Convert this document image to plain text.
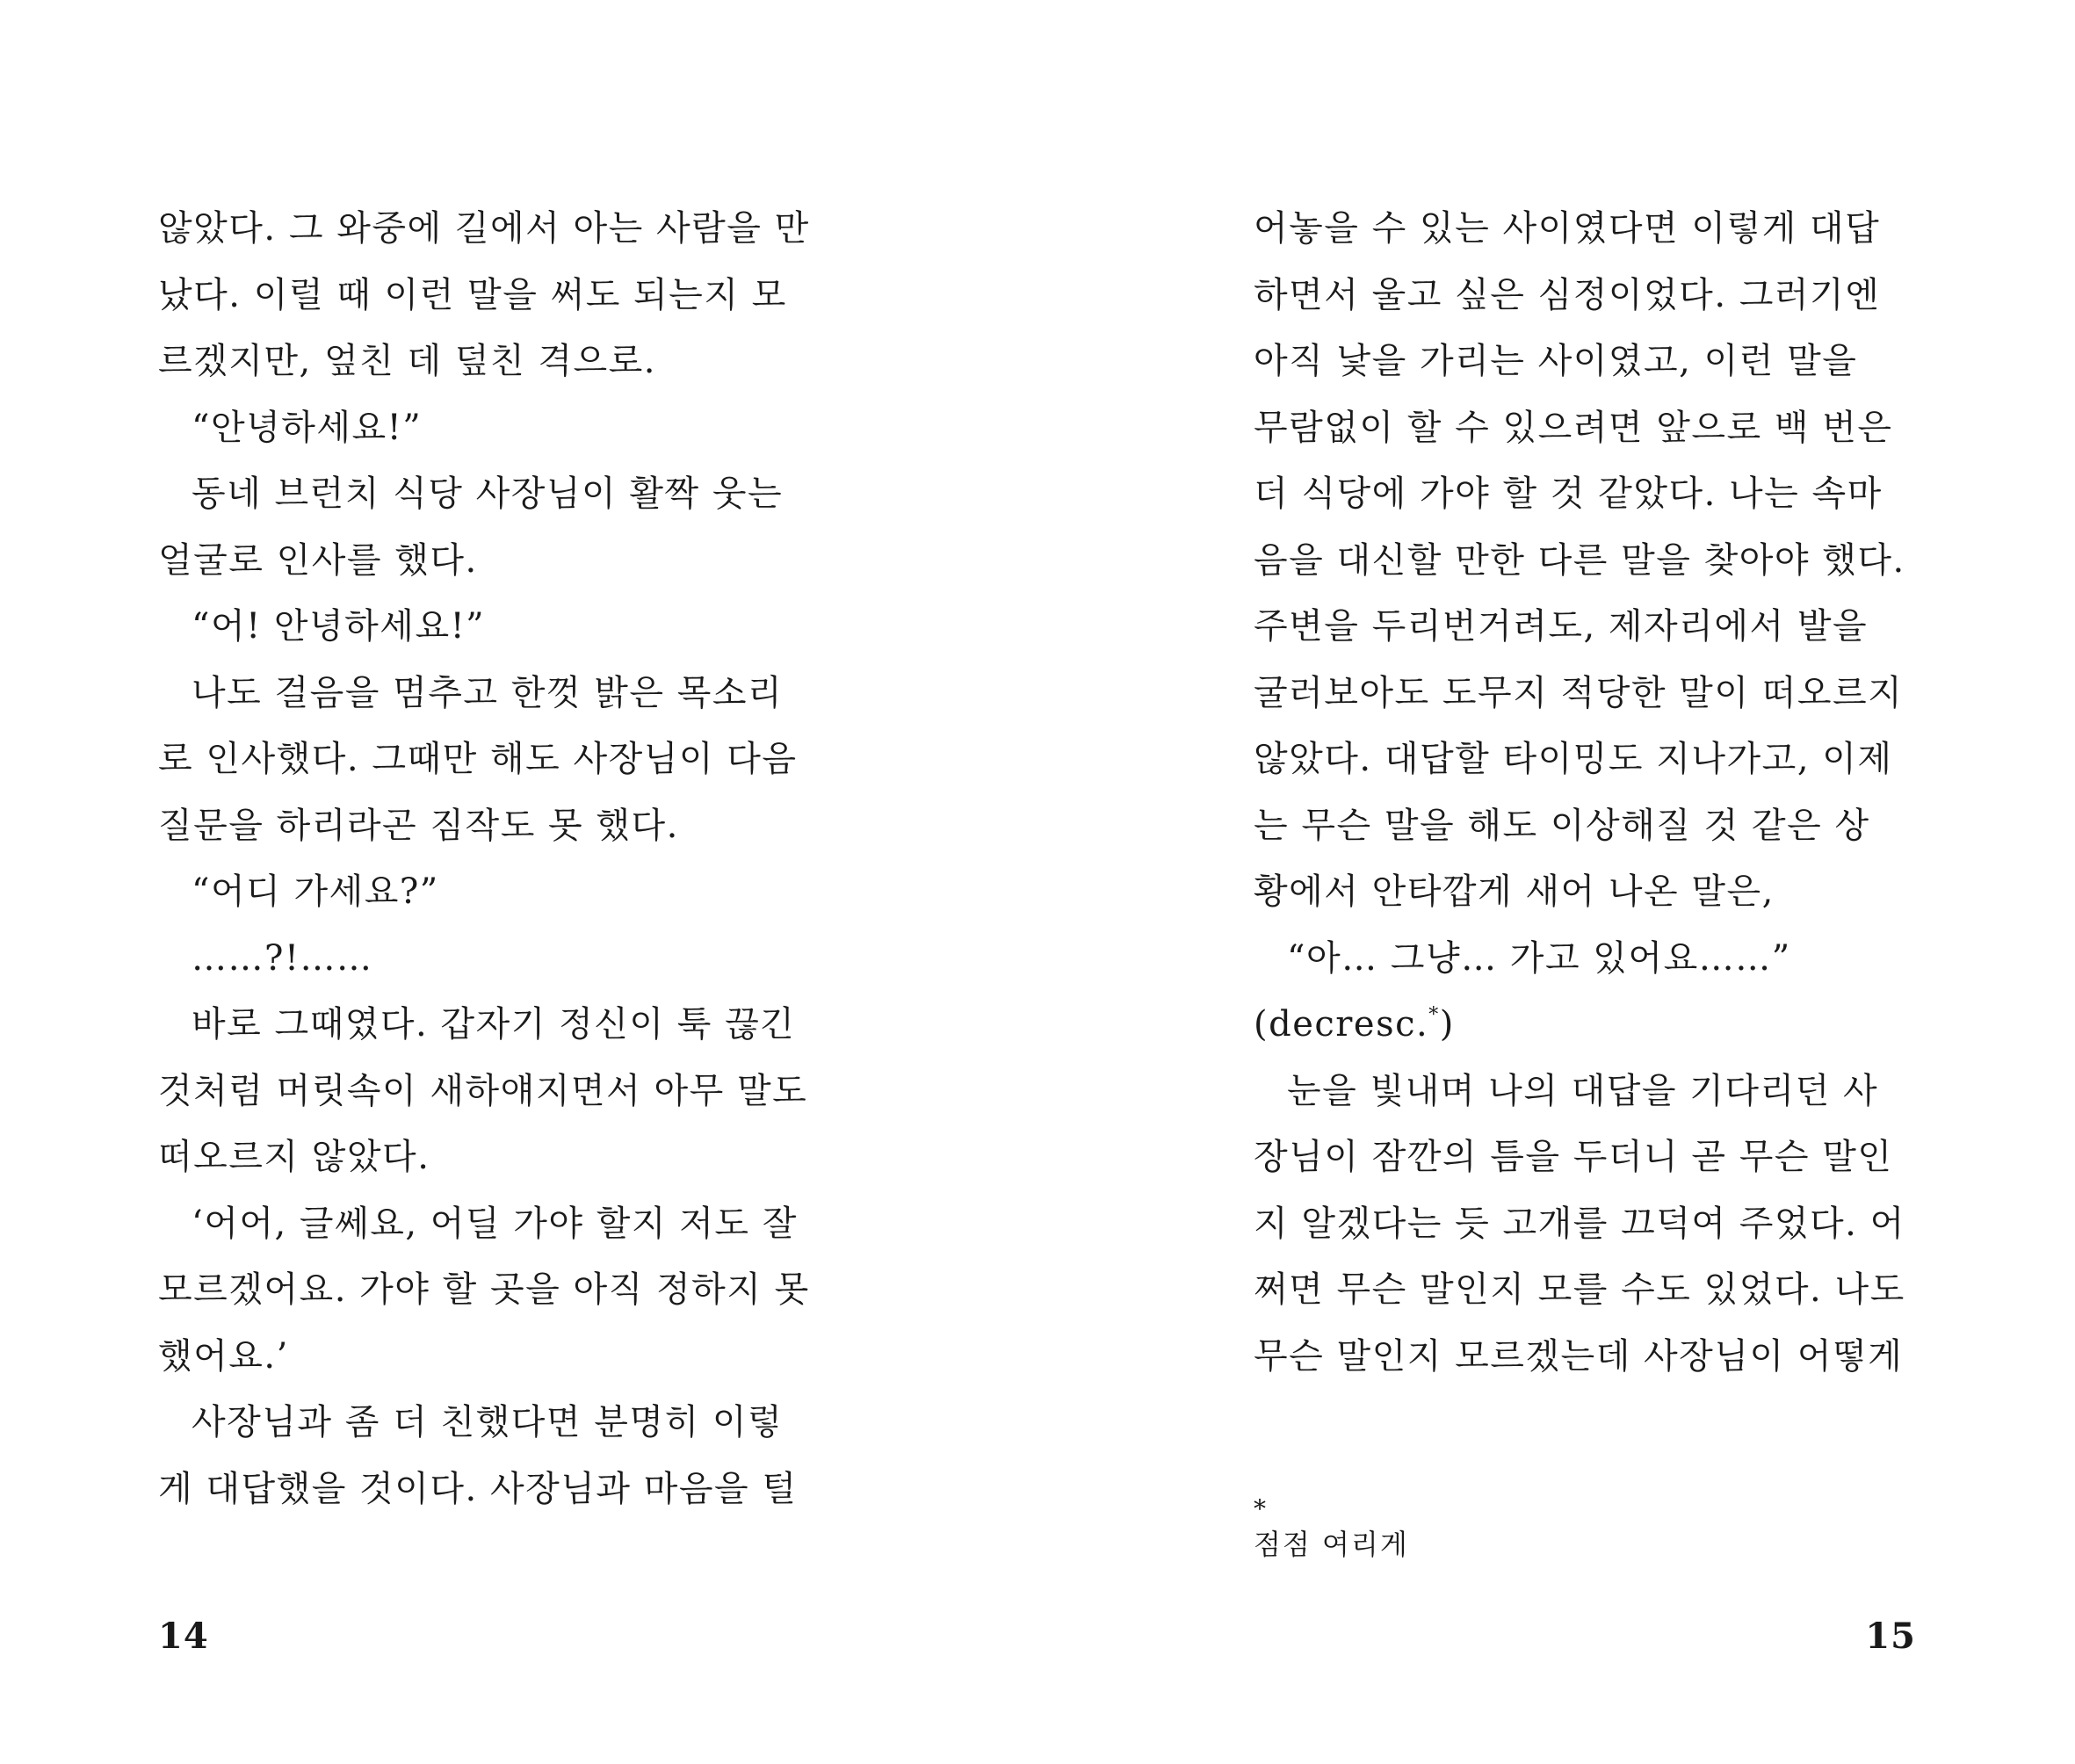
않았다. 그 와중에 길에서 아는 사람을 만
났다. 이럴 때 이런 말을 써도 되는지 모
르겠지만, 엎친 데 덮친 격으로.
“안녕하세요!”
동네 브런치 식당 사장님이 활짝 웃는
얼굴로 인사를 했다.
“어! 안녕하세요!”
나도 걸음을 멈추고 한껏 밝은 목소리
로 인사했다. 그때만 해도 사장님이 다음
질문을 하리라곤 짐작도 못 했다.
“어디 가세요?”
……?!……
바로 그때였다. 갑자기 정신이 툭 끊긴
것처럼 머릿속이 새하얘지면서 아무 말도
떠오르지 않았다.
‘어어, 글쎄요, 어딜 가야 할지 저도 잘
모르겠어요. 가야 할 곳을 아직 정하지 못
했어요.’
사장님과 좀 더 친했다면 분명히 이렇
게 대답했을 것이다. 사장님과 마음을 털
14
어놓을 수 있는 사이였다면 이렇게 대답
하면서 울고 싶은 심정이었다. 그러기엔
아직 낯을 가리는 사이였고, 이런 말을
무람없이 할 수 있으려면 앞으로 백 번은
더 식당에 가야 할 것 같았다. 나는 속마
음을 대신할 만한 다른 말을 찾아야 했다.
주변을 두리번거려도, 제자리에서 발을
굴러보아도 도무지 적당한 말이 떠오르지
않았다. 대답할 타이밍도 지나가고, 이제
는 무슨 말을 해도 이상해질 것 같은 상
황에서 안타깝게 새어 나온 말은,
“아… 그냥… 가고 있어요……”
(decresc.*)
눈을 빛내며 나의 대답을 기다리던 사
장님이 잠깐의 틈을 두더니 곧 무슨 말인
지 알겠다는 듯 고개를 끄덕여 주었다. 어
쩌면 무슨 말인지 모를 수도 있었다. 나도
무슨 말인지 모르겠는데 사장님이 어떻게
*
점점 여리게
15
